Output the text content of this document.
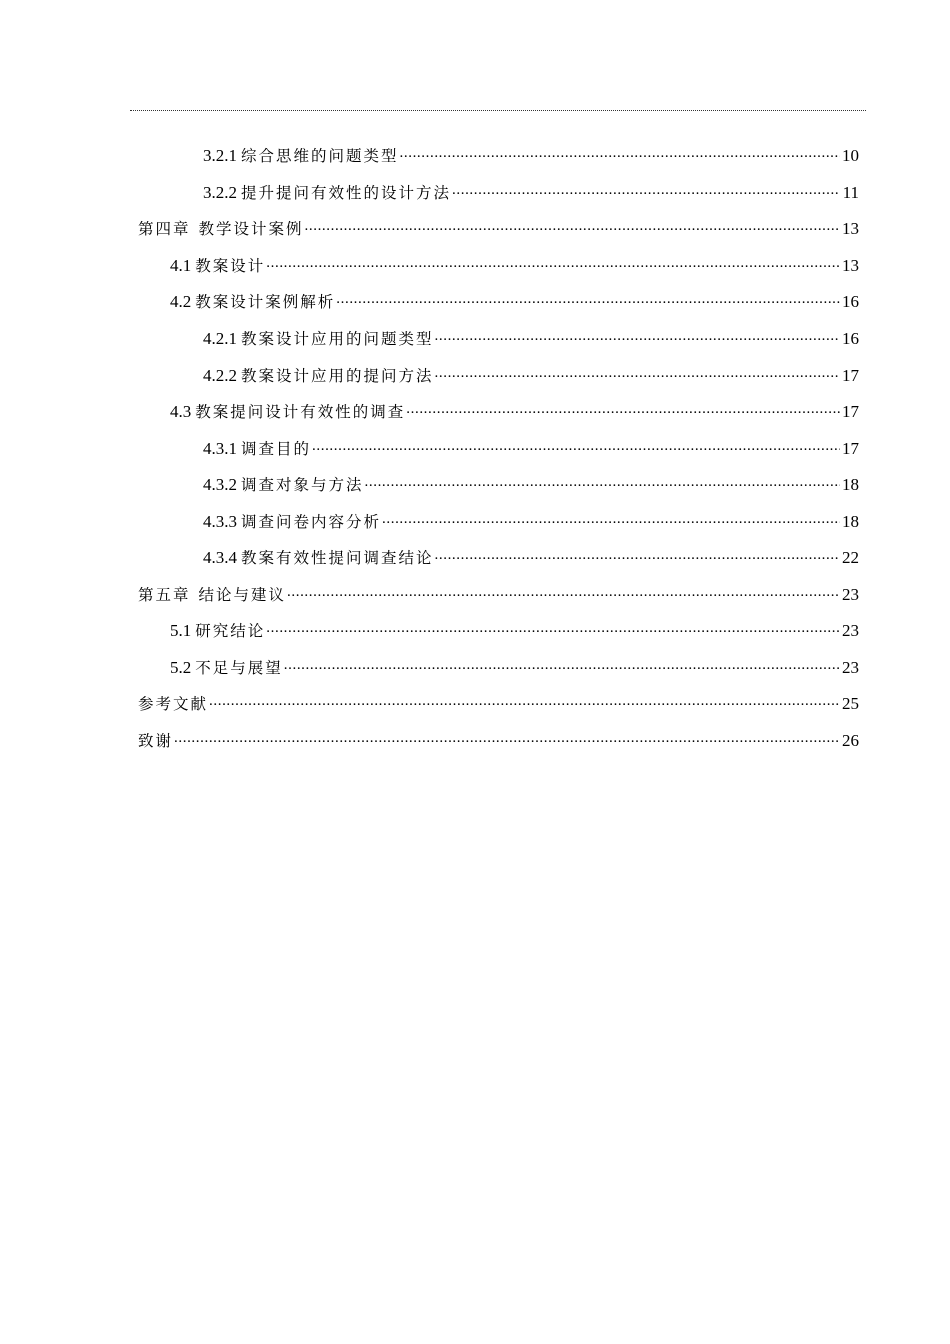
3.2.1 综合思维的问题类型 .....	10
3.2.2 提升提问有效性的设计方法 .....	11
第四章 教学设计案例 .....	13
4.1 教案设计 .....	13
4.2 教案设计案例解析 .....	16
4.2.1 教案设计应用的问题类型 .....	16
4.2.2 教案设计应用的提问方法 .....	17
4.3 教案提问设计有效性的调查 .....	17
4.3.1 调查目的 .....	17
4.3.2 调查对象与方法 .....	18
4.3.3 调查问卷内容分析 .....	18
4.3.4 教案有效性提问调查结论 .....	22
第五章 结论与建议 .....	23
5.1 研究结论 .....	23
5.2 不足与展望 .....	23
参考文献 .....	25
致谢 .....	26
